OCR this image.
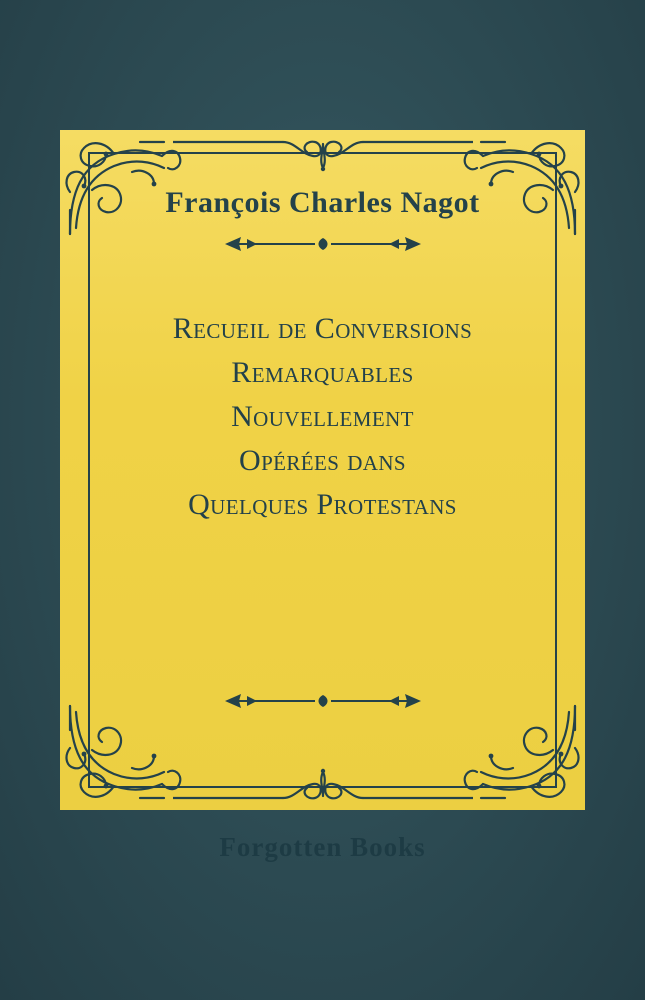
François Charles Nagot
Recueil de Conversions
Remarquables
Nouvellement
Opérées dans
Quelques Protestans
Forgotten Books
